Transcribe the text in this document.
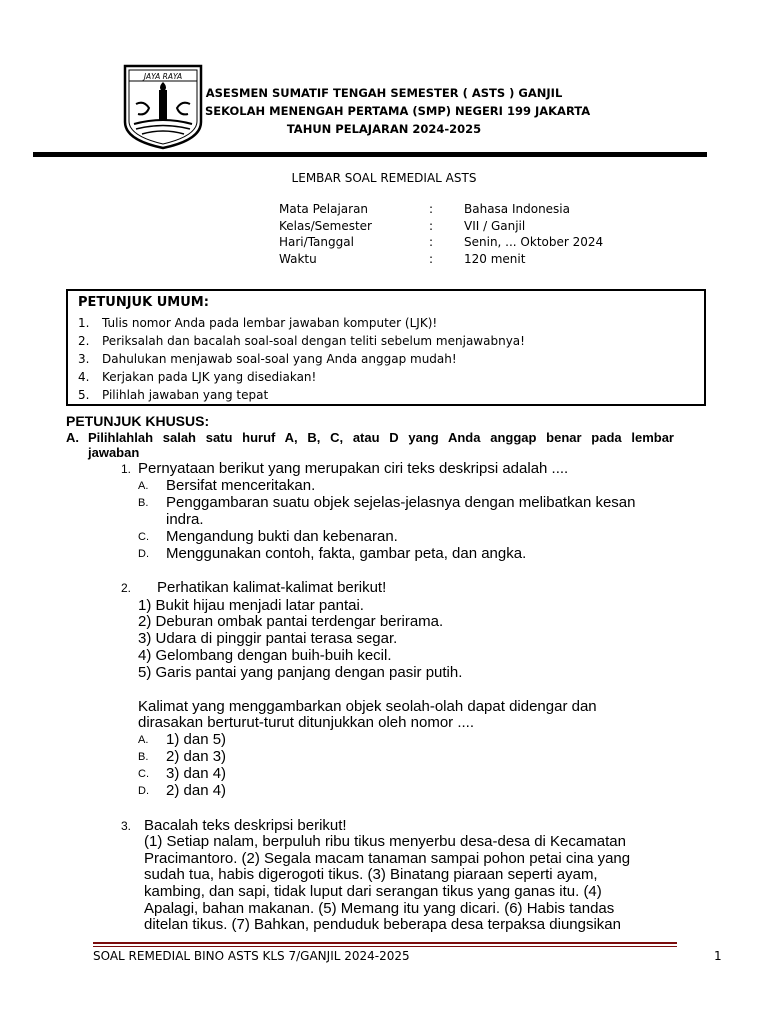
JAYA RAYA
ASESMEN SUMATIF TENGAH SEMESTER ( ASTS ) GANJIL
SEKOLAH MENENGAH PERTAMA (SMP) NEGERI 199 JAKARTA
TAHUN PELAJARAN 2024-2025
LEMBAR SOAL REMEDIAL ASTS
Mata Pelajaran	:	Bahasa Indonesia
Kelas/Semester	:	VII / Ganjil
Hari/Tanggal	:	Senin, ... Oktober 2024
Waktu	:	120 menit
PETUNJUK UMUM:
1. Tulis nomor Anda pada lembar jawaban komputer (LJK)!
2. Periksalah dan bacalah soal-soal dengan teliti sebelum menjawabnya!
3. Dahulukan menjawab soal-soal yang Anda anggap mudah!
4. Kerjakan pada LJK yang disediakan!
5. Pilihlah jawaban yang tepat
PETUNJUK KHUSUS:
A. Pilihlahlah salah satu huruf A, B, C, atau D yang Anda anggap benar pada lembar
jawaban
1. Pernyataan berikut yang merupakan ciri teks deskripsi adalah ....
A. Bersifat menceritakan.
B. Penggambaran suatu objek sejelas-jelasnya dengan melibatkan kesan
indra.
C. Mengandung bukti dan kebenaran.
D. Menggunakan contoh, fakta, gambar peta, dan angka.
2. Perhatikan kalimat-kalimat berikut!
1) Bukit hijau menjadi latar pantai.
2) Deburan ombak pantai terdengar berirama.
3) Udara di pinggir pantai terasa segar.
4) Gelombang dengan buih-buih kecil.
5) Garis pantai yang panjang dengan pasir putih.
Kalimat yang menggambarkan objek seolah-olah dapat didengar dan
dirasakan berturut-turut ditunjukkan oleh nomor ....
A. 1) dan 5)
B. 2) dan 3)
C. 3) dan 4)
D. 2) dan 4)
3. Bacalah teks deskripsi berikut!
(1) Setiap nalam, berpuluh ribu tikus menyerbu desa-desa di Kecamatan
Pracimantoro. (2) Segala macam tanaman sampai pohon petai cina yang
sudah tua, habis digerogoti tikus. (3) Binatang piaraan seperti ayam,
kambing, dan sapi, tidak luput dari serangan tikus yang ganas itu. (4)
Apalagi, bahan makanan. (5) Memang itu yang dicari. (6) Habis tandas
ditelan tikus. (7) Bahkan, penduduk beberapa desa terpaksa diungsikan
SOAL REMEDIAL BINO ASTS KLS 7/GANJIL 2024-2025	1
